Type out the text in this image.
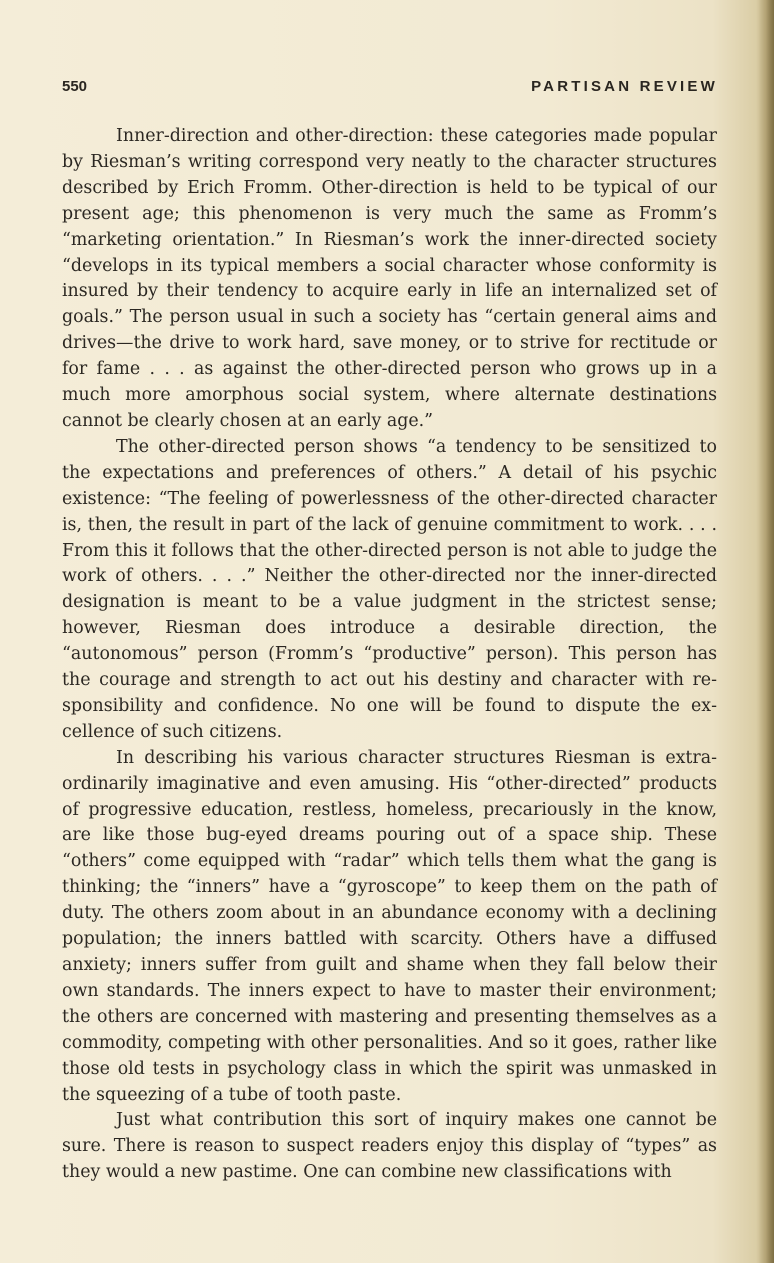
550	PARTISAN REVIEW

Inner-direction and other-direction: these categories made popular by Riesman’s writing correspond very neatly to the character structures described by Erich Fromm. Other-direction is held to be typical of our present age; this phenomenon is very much the same as Fromm’s “marketing orientation.” In Riesman’s work the inner-directed society “develops in its typical members a social character whose conformity is insured by their tendency to acquire early in life an internalized set of goals.” The person usual in such a society has “certain general aims and drives—the drive to work hard, save money, or to strive for rectitude or for fame . . . as against the other-directed person who grows up in a much more amorphous social system, where alternate destinations cannot be clearly chosen at an early age.”

The other-directed person shows “a tendency to be sensitized to the expectations and preferences of others.” A detail of his psychic existence: “The feeling of powerlessness of the other-directed character is, then, the result in part of the lack of genuine commitment to work. . . . From this it follows that the other-directed person is not able to judge the work of others. . . .” Neither the other-directed nor the inner-directed designation is meant to be a value judgment in the strictest sense; however, Riesman does introduce a desirable direction, the “autonomous” person (Fromm’s “productive” person). This person has the courage and strength to act out his destiny and character with responsibility and confidence. No one will be found to dispute the excellence of such citizens.

In describing his various character structures Riesman is extraordinarily imaginative and even amusing. His “other-directed” products of progressive education, restless, homeless, precariously in the know, are like those bug-eyed dreams pouring out of a space ship. These “others” come equipped with “radar” which tells them what the gang is thinking; the “inners” have a “gyroscope” to keep them on the path of duty. The others zoom about in an abundance economy with a declining population; the inners battled with scarcity. Others have a diffused anxiety; inners suffer from guilt and shame when they fall below their own standards. The inners expect to have to master their environment; the others are concerned with mastering and presenting themselves as a commodity, competing with other personalities. And so it goes, rather like those old tests in psychology class in which the spirit was unmasked in the squeezing of a tube of tooth paste.

Just what contribution this sort of inquiry makes one cannot be sure. There is reason to suspect readers enjoy this display of “types” as they would a new pastime. One can combine new classifications with
